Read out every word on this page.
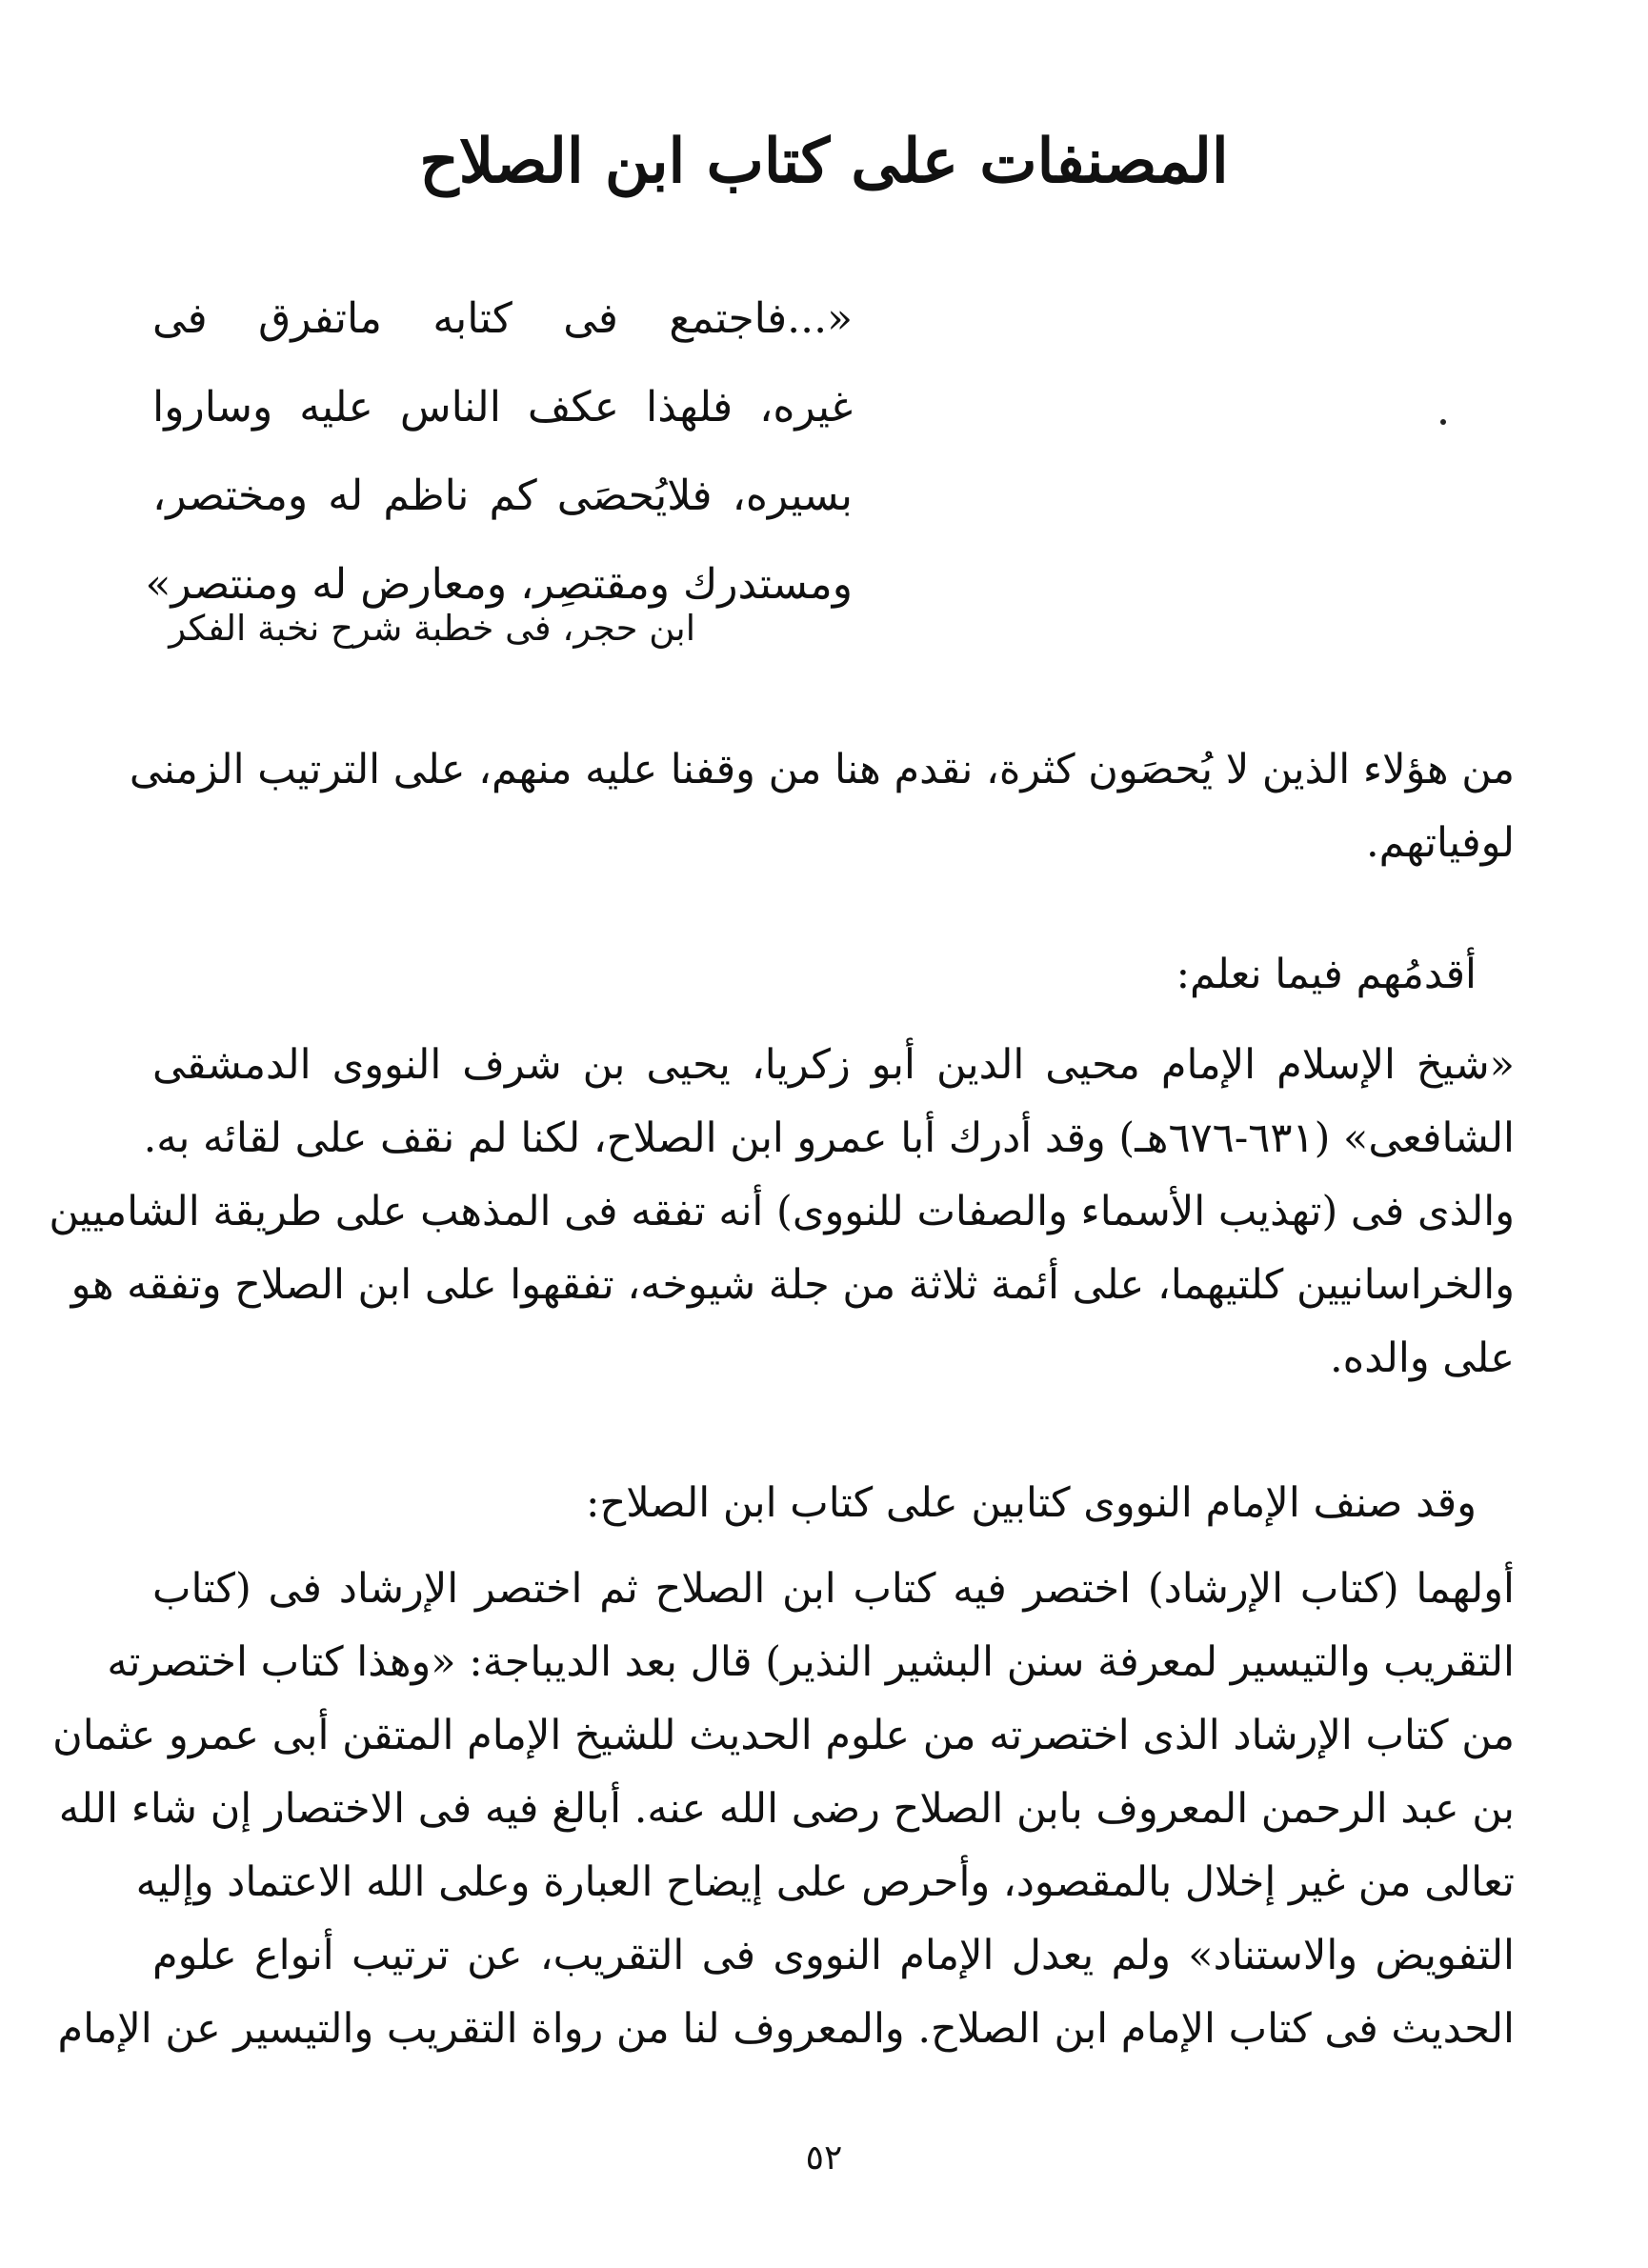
المصنفات على كتاب ابن الصلاح
«...فاجتمع فى كتابه ماتفرق فى
غيره، فلهذا عكف الناس عليه وساروا
بسيره، فلايُحصَى كم ناظم له ومختصر،
ومستدرك ومقتصِر، ومعارض له ومنتصر»
ابن حجر، فى خطبة شرح نخبة الفكر

من هؤلاء الذين لا يُحصَون كثرة، نقدم هنا من وقفنا عليه منهم، على الترتيب الزمنى
لوفياتهم.

أقدمُهم فيما نعلم:

«شيخ الإسلام الإمام محيى الدين أبو زكريا، يحيى بن شرف النووى الدمشقى
الشافعى» (٦٣١-٦٧٦هـ) وقد أدرك أبا عمرو ابن الصلاح، لكنا لم نقف على لقائه به.
والذى فى (تهذيب الأسماء والصفات للنووى) أنه تفقه فى المذهب على طريقة الشاميين
والخراسانيين كلتيهما، على أئمة ثلاثة من جلة شيوخه، تفقهوا على ابن الصلاح وتفقه هو
على والده.

وقد صنف الإمام النووى كتابين على كتاب ابن الصلاح:

أولهما (كتاب الإرشاد) اختصر فيه كتاب ابن الصلاح ثم اختصر الإرشاد فى (كتاب
التقريب والتيسير لمعرفة سنن البشير النذير) قال بعد الديباجة: «وهذا كتاب اختصرته
من كتاب الإرشاد الذى اختصرته من علوم الحديث للشيخ الإمام المتقن أبى عمرو عثمان
بن عبد الرحمن المعروف بابن الصلاح رضى الله عنه. أبالغ فيه فى الاختصار إن شاء الله
تعالى من غير إخلال بالمقصود، وأحرص على إيضاح العبارة وعلى الله الاعتماد وإليه
التفويض والاستناد» ولم يعدل الإمام النووى فى التقريب، عن ترتيب أنواع علوم
الحديث فى كتاب الإمام ابن الصلاح. والمعروف لنا من رواة التقريب والتيسير عن الإمام

٥٢
